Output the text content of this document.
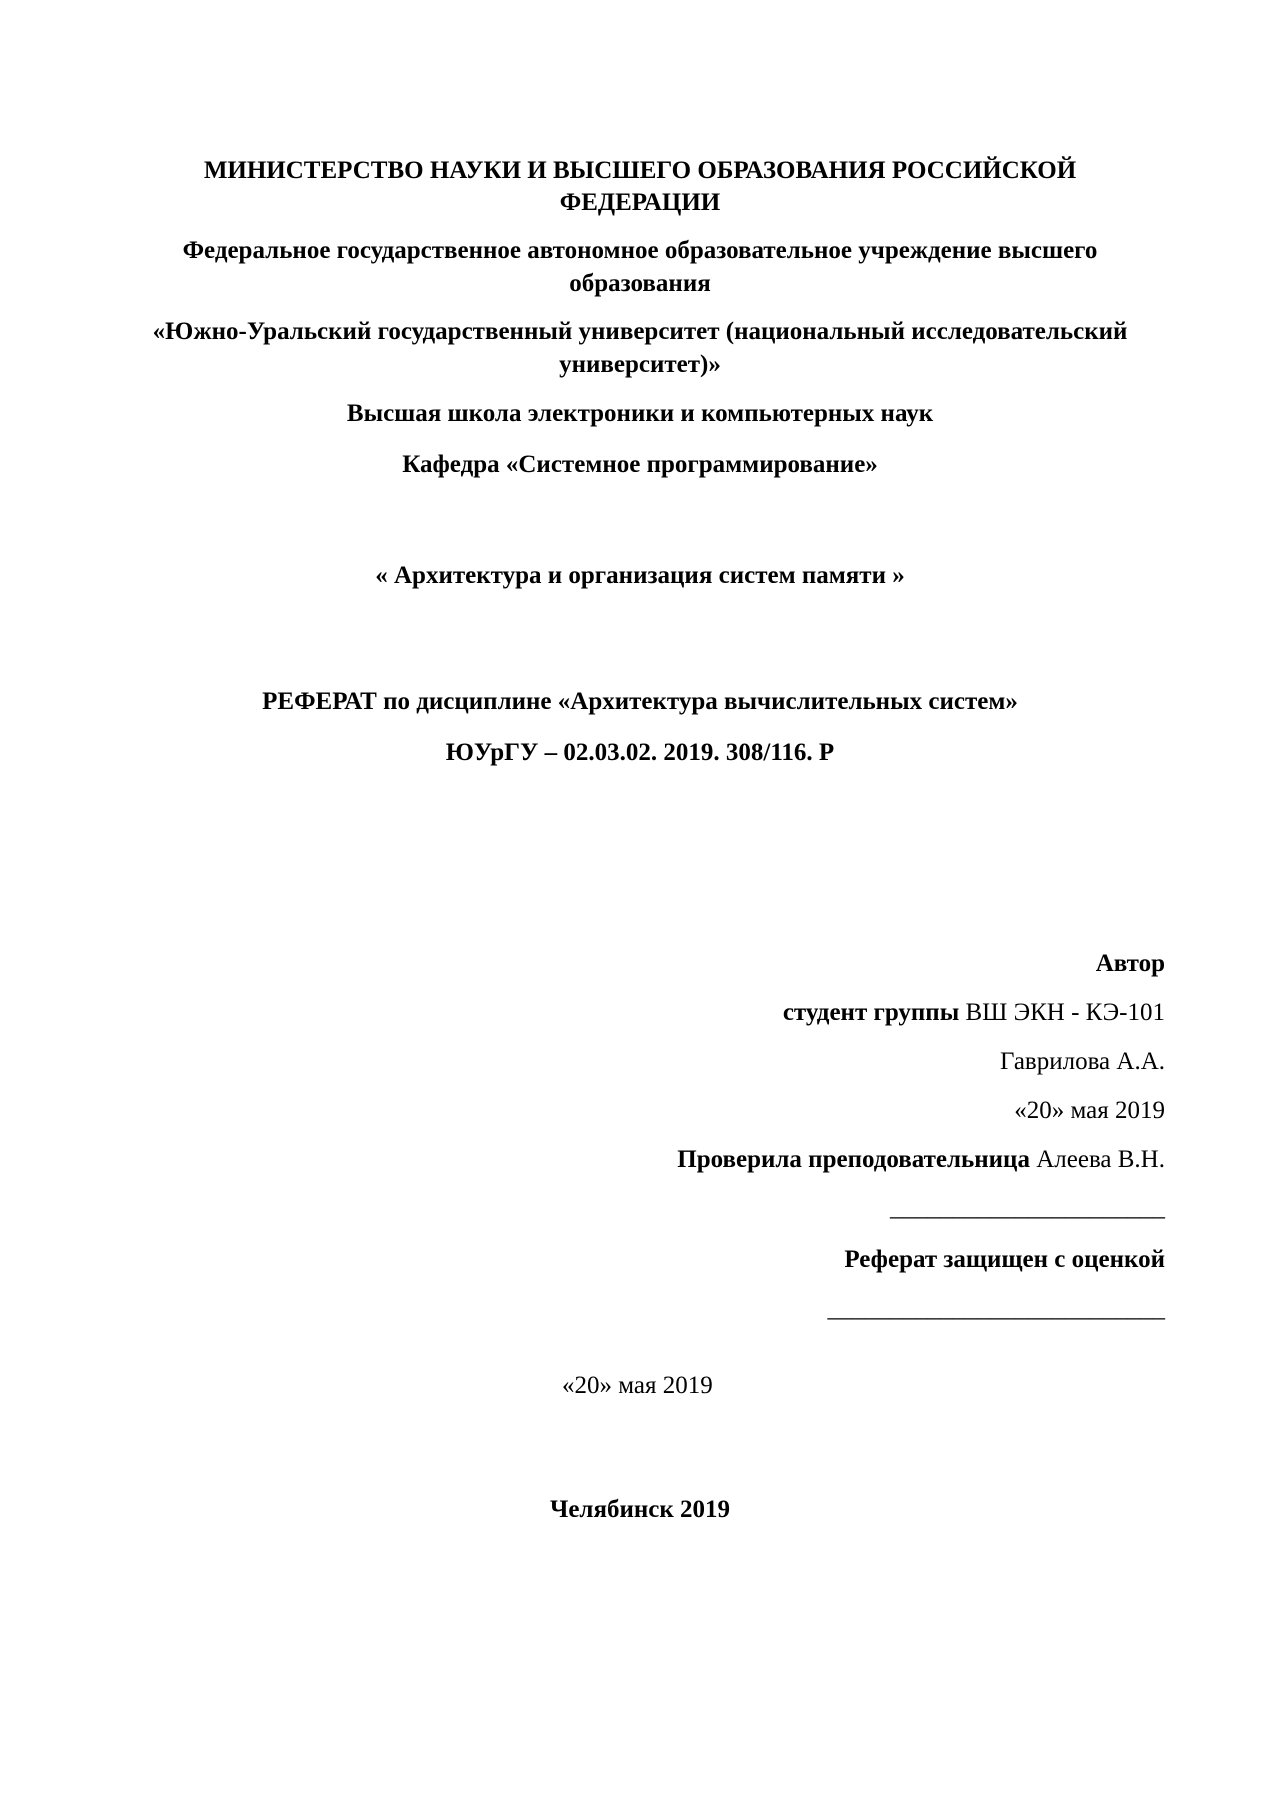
МИНИСТЕРСТВО НАУКИ И ВЫСШЕГО ОБРАЗОВАНИЯ РОССИЙСКОЙ
ФЕДЕРАЦИИ
Федеральное государственное автономное образовательное учреждение высшего
образования
«Южно-Уральский государственный университет (национальный исследовательский
университет)»
Высшая школа электроники и компьютерных наук
Кафедра «Системное программирование»
« Архитектура и организация систем памяти »
РЕФЕРАТ по дисциплине «Архитектура вычислительных систем»
ЮУрГУ – 02.03.02. 2019. 308/116. Р
Автор
студент группы ВШ ЭКН - КЭ-101
Гаврилова А.А.
«20» мая 2019
Проверила преподовательница Алеева В.Н.
______________________
Реферат защищен с оценкой
___________________________
«20» мая 2019
Челябинск 2019
